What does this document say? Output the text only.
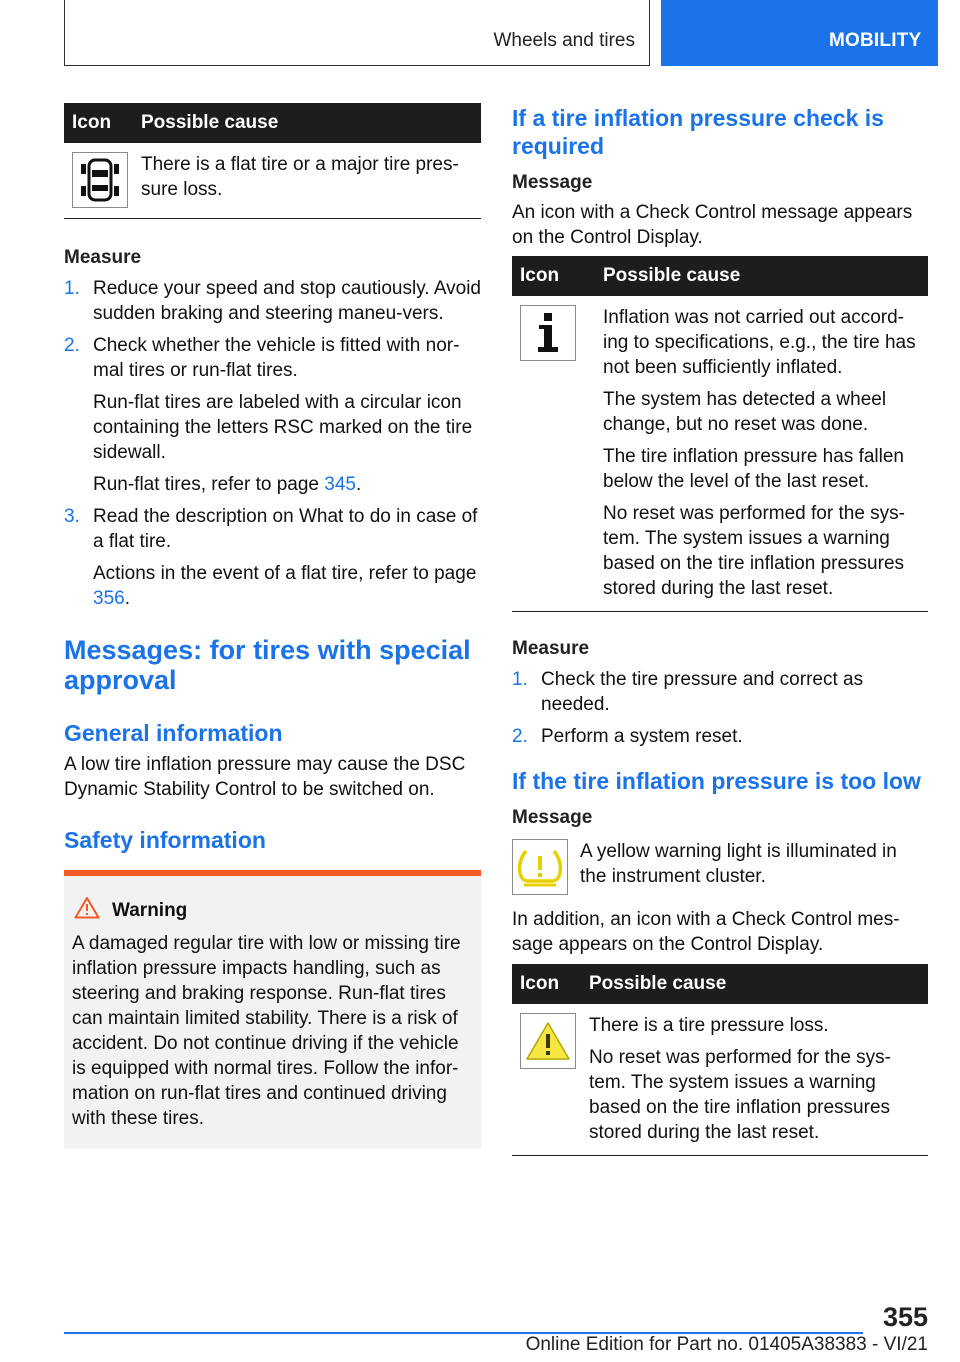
Wheels and tires	MOBILITY
Icon	Possible cause

There is a flat tire or a major tire pres-sure loss.

Measure
1. Reduce your speed and stop cautiously. Avoid sudden braking and steering maneu-vers.

2. Check whether the vehicle is fitted with nor-mal tires or run-flat tires.

Run-flat tires are labeled with a circular icon containing the letters RSC marked on the tire sidewall.

Run-flat tires, refer to page 345.

3. Read the description on What to do in case of a flat tire.

Actions in the event of a flat tire, refer to page 356.

Messages: for tires with special approval
General information

A low tire inflation pressure may cause the DSC Dynamic Stability Control to be switched on.

Safety information
Warning

A damaged regular tire with low or missing tire inflation pressure impacts handling, such as steering and braking response. Run-flat tires can maintain limited stability. There is a risk of accident. Do not continue driving if the vehicle is equipped with normal tires. Follow the infor-mation on run-flat tires and continued driving with these tires.

If a tire inflation pressure check is required
Message

An icon with a Check Control message appears on the Control Display.

Icon	Possible cause

Inflation was not carried out accord-ing to specifications, e.g., the tire has not been sufficiently inflated.

The system has detected a wheel change, but no reset was done.

The tire inflation pressure has fallen below the level of the last reset.

No reset was performed for the sys-tem. The system issues a warning based on the tire inflation pressures stored during the last reset.

Measure
1. Check the tire pressure and correct as needed.

2. Perform a system reset.

If the tire inflation pressure is too low
Message

A yellow warning light is illuminated in the instrument cluster.

In addition, an icon with a Check Control mes-sage appears on the Control Display.

Icon	Possible cause

There is a tire pressure loss.

No reset was performed for the sys-tem. The system issues a warning based on the tire inflation pressures stored during the last reset.

355
Online Edition for Part no. 01405A38383 - VI/21
